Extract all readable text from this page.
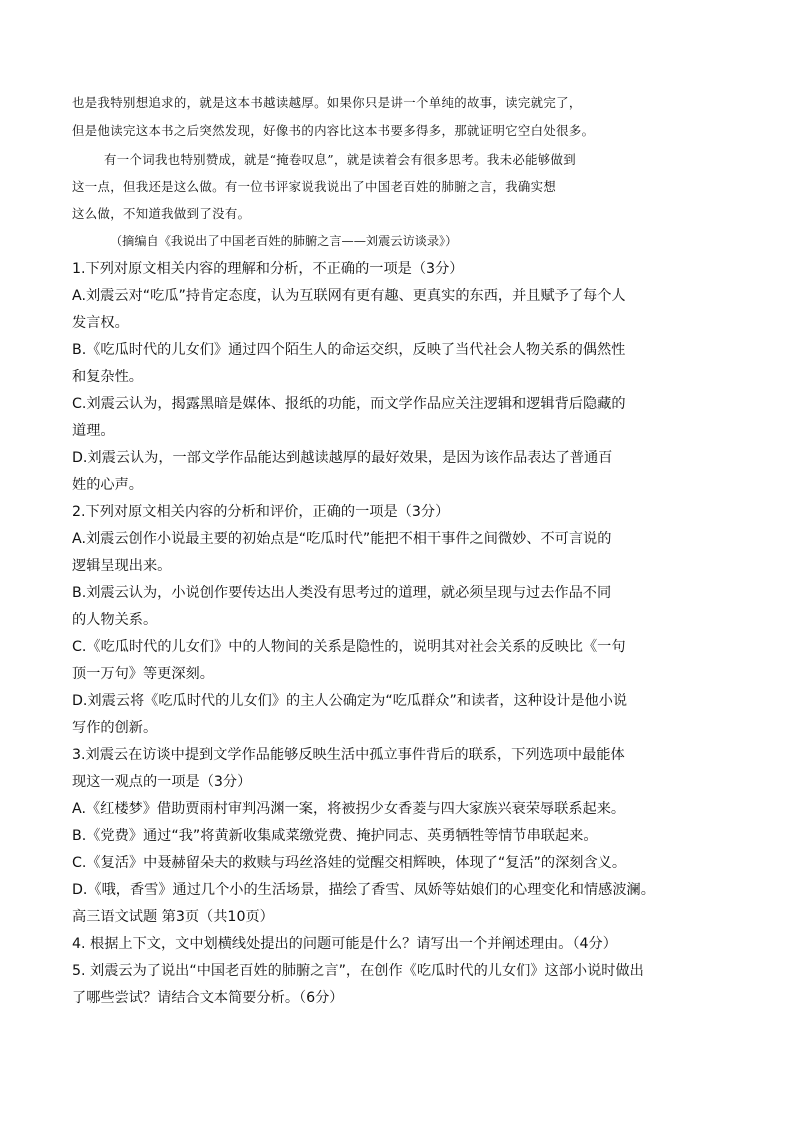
也是我特别想追求的，就是这本书越读越厚。如果你只是讲一个单纯的故事，读完就完了，
但是他读完这本书之后突然发现，好像书的内容比这本书要多得多，那就证明它空白处很多。
有一个词我也特别赞成，就是“掩卷叹息”，就是读着会有很多思考。我未必能够做到
这一点，但我还是这么做。有一位书评家说我说出了中国老百姓的肺腑之言，我确实想
这么做，不知道我做到了没有。
（摘编自《我说出了中国老百姓的肺腑之言——刘震云访谈录》）
1.下列对原文相关内容的理解和分析，不正确的一项是（3分）
A.刘震云对“吃瓜”持肯定态度，认为互联网有更有趣、更真实的东西，并且赋予了每个人
发言权。
B.《吃瓜时代的儿女们》通过四个陌生人的命运交织，反映了当代社会人物关系的偶然性
和复杂性。
C.刘震云认为，揭露黑暗是媒体、报纸的功能，而文学作品应关注逻辑和逻辑背后隐藏的
道理。
D.刘震云认为，一部文学作品能达到越读越厚的最好效果，是因为该作品表达了普通百
姓的心声。
2.下列对原文相关内容的分析和评价，正确的一项是（3分）
A.刘震云创作小说最主要的初始点是“吃瓜时代”能把不相干事件之间微妙、不可言说的
逻辑呈现出来。
B.刘震云认为，小说创作要传达出人类没有思考过的道理，就必须呈现与过去作品不同
的人物关系。
C.《吃瓜时代的儿女们》中的人物间的关系是隐性的，说明其对社会关系的反映比《一句
顶一万句》等更深刻。
D.刘震云将《吃瓜时代的儿女们》的主人公确定为“吃瓜群众”和读者，这种设计是他小说
写作的创新。
3.刘震云在访谈中提到文学作品能够反映生活中孤立事件背后的联系，下列选项中最能体
现这一观点的一项是（3分）
A.《红楼梦》借助贾雨村审判冯渊一案，将被拐少女香菱与四大家族兴衰荣辱联系起来。
B.《党费》通过“我”将黄新收集咸菜缴党费、掩护同志、英勇牺牲等情节串联起来。
C.《复活》中聂赫留朵夫的救赎与玛丝洛娃的觉醒交相辉映，体现了“复活”的深刻含义。
D.《哦，香雪》通过几个小的生活场景，描绘了香雪、凤娇等姑娘们的心理变化和情感波澜。
高三语文试题 第3页（共10页）
4. 根据上下文，文中划横线处提出的问题可能是什么？请写出一个并阐述理由。（4分）
5. 刘震云为了说出“中国老百姓的肺腑之言”，在创作《吃瓜时代的儿女们》这部小说时做出
了哪些尝试？请结合文本简要分析。（6分）
